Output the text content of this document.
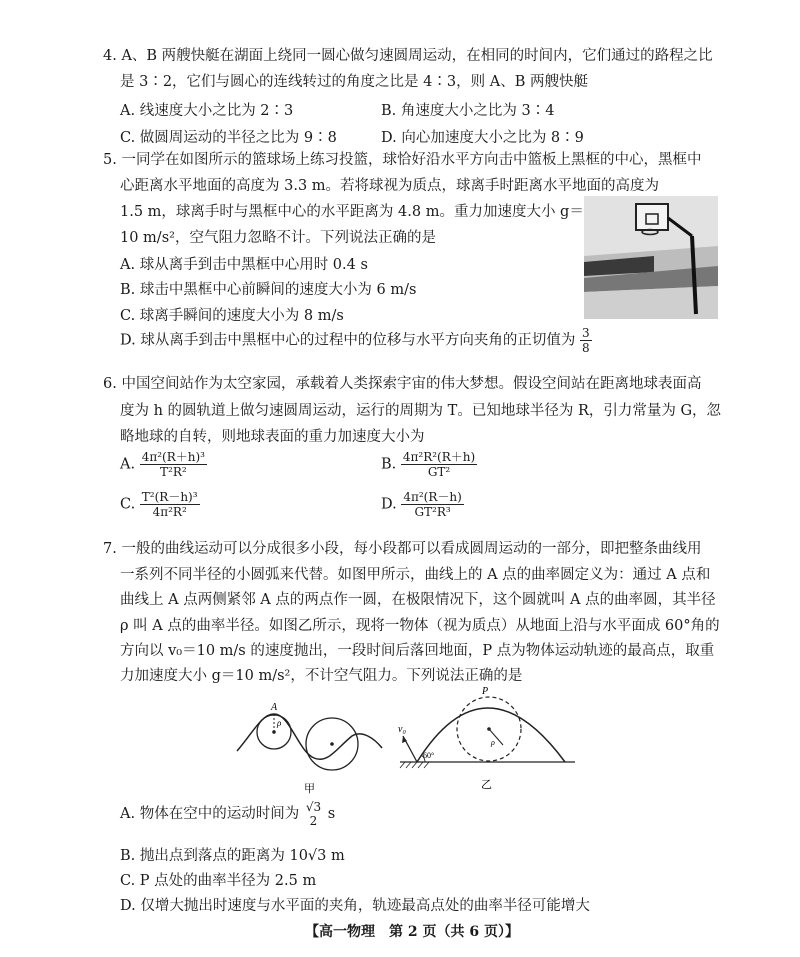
4. A、B 两艘快艇在湖面上绕同一圆心做匀速圆周运动，在相同的时间内，它们通过的路程之比
是 3∶2，它们与圆心的连线转过的角度之比是 4∶3，则 A、B 两艘快艇
A. 线速度大小之比为 2∶3	B. 角速度大小之比为 3∶4
C. 做圆周运动的半径之比为 9∶8	D. 向心加速度大小之比为 8∶9
5. 一同学在如图所示的篮球场上练习投篮，球恰好沿水平方向击中篮板上黑框的中心，黑框中
心距离水平地面的高度为 3.3 m。若将球视为质点，球离手时距离水平地面的高度为
1.5 m，球离手时与黑框中心的水平距离为 4.8 m。重力加速度大小 g＝
10 m/s²，空气阻力忽略不计。下列说法正确的是
A. 球从离手到击中黑框中心用时 0.4 s
B. 球击中黑框中心前瞬间的速度大小为 6 m/s
C. 球离手瞬间的速度大小为 8 m/s
D. 球从离手到击中黑框中心的过程中的位移与水平方向夹角的正切值为 $\frac{3}{8}$
6. 中国空间站作为太空家园，承载着人类探索宇宙的伟大梦想。假设空间站在距离地球表面高
度为 h 的圆轨道上做匀速圆周运动，运行的周期为 T。已知地球半径为 R，引力常量为 G，忽
略地球的自转，则地球表面的重力加速度大小为
A. $\frac{\text{4π²(R＋h)³}}{\text{T²R²}}$	B. $\frac{\text{4π²R²(R＋h)}}{\text{GT²}}$
C. $\frac{\text{T²(R－h)³}}{\text{4π²R²}}$	D. $\frac{\text{4π²(R－h)}}{\text{GT²R³}}$
7. 一般的曲线运动可以分成很多小段，每小段都可以看成圆周运动的一部分，即把整条曲线用
一系列不同半径的小圆弧来代替。如图甲所示，曲线上的 A 点的曲率圆定义为：通过 A 点和
曲线上 A 点两侧紧邻 A 点的两点作一圆，在极限情况下，这个圆就叫 A 点的曲率圆，其半径
ρ 叫 A 点的曲率半径。如图乙所示，现将一物体（视为质点）从地面上沿与水平面成 60°角的
方向以 v₀＝10 m/s 的速度抛出，一段时间后落回地面，P 点为物体运动轨迹的最高点，取重
力加速度大小 g＝10 m/s²，不计空气阻力。下列说法正确的是
A
ρ
甲
P
v₀
60°
ρ
乙
A. 物体在空中的运动时间为 √3
2 s
B. 抛出点到落点的距离为 10√3 m
C. P 点处的曲率半径为 2.5 m
D. 仅增大抛出时速度与水平面的夹角，轨迹最高点处的曲率半径可能增大
【高一物理　第 2 页（共 6 页）】
